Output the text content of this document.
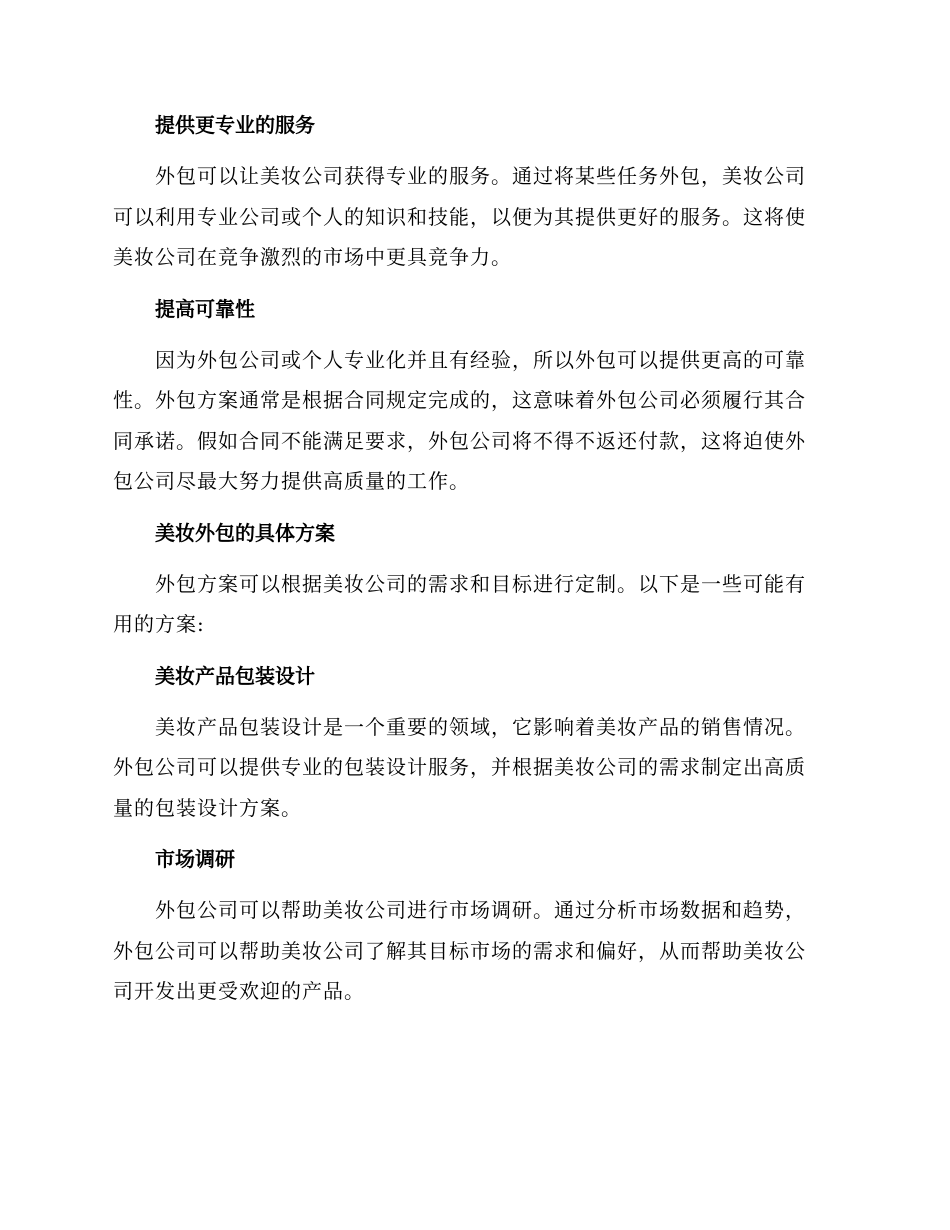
提供更专业的服务

外包可以让美妆公司获得专业的服务。通过将某些任务外包，美妆公司
可以利用专业公司或个人的知识和技能，以便为其提供更好的服务。这将使
美妆公司在竞争激烈的市场中更具竞争力。

提高可靠性

因为外包公司或个人专业化并且有经验，所以外包可以提供更高的可靠
性。外包方案通常是根据合同规定完成的，这意味着外包公司必须履行其合
同承诺。假如合同不能满足要求，外包公司将不得不返还付款，这将迫使外
包公司尽最大努力提供高质量的工作。

美妆外包的具体方案

外包方案可以根据美妆公司的需求和目标进行定制。以下是一些可能有
用的方案:

美妆产品包装设计

美妆产品包装设计是一个重要的领域，它影响着美妆产品的销售情况。
外包公司可以提供专业的包装设计服务，并根据美妆公司的需求制定出高质
量的包装设计方案。

市场调研

外包公司可以帮助美妆公司进行市场调研。通过分析市场数据和趋势，
外包公司可以帮助美妆公司了解其目标市场的需求和偏好，从而帮助美妆公
司开发出更受欢迎的产品。
